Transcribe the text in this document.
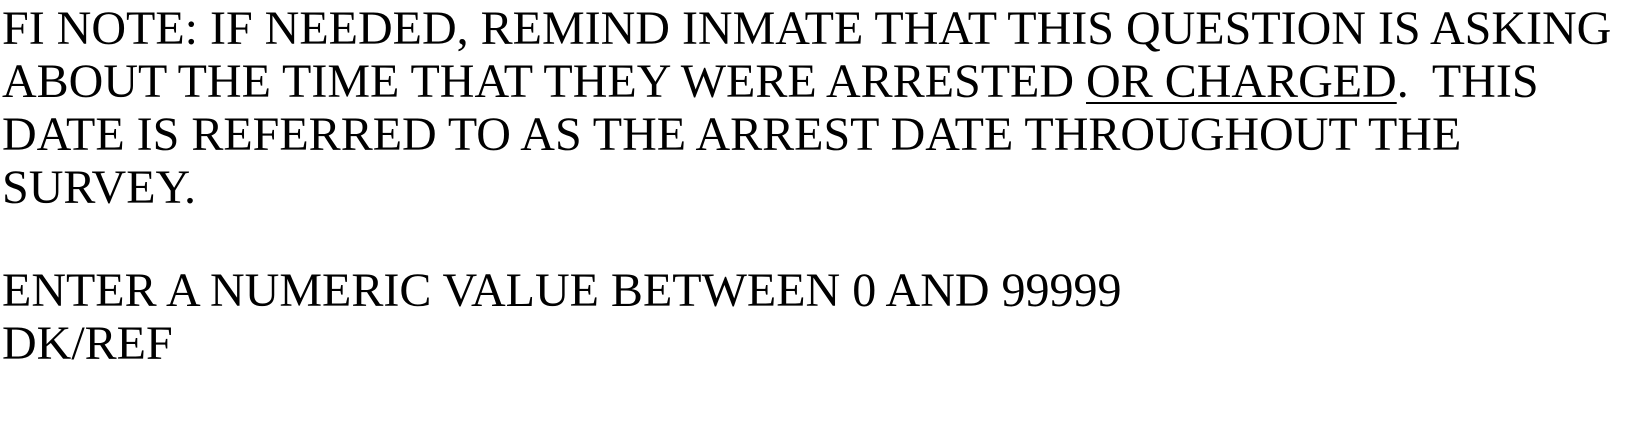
FI NOTE: IF NEEDED, REMIND INMATE THAT THIS QUESTION IS ASKING
ABOUT THE TIME THAT THEY WERE ARRESTED OR CHARGED.  THIS
DATE IS REFERRED TO AS THE ARREST DATE THROUGHOUT THE
SURVEY.
ENTER A NUMERIC VALUE BETWEEN 0 AND 99999
DK/REF
